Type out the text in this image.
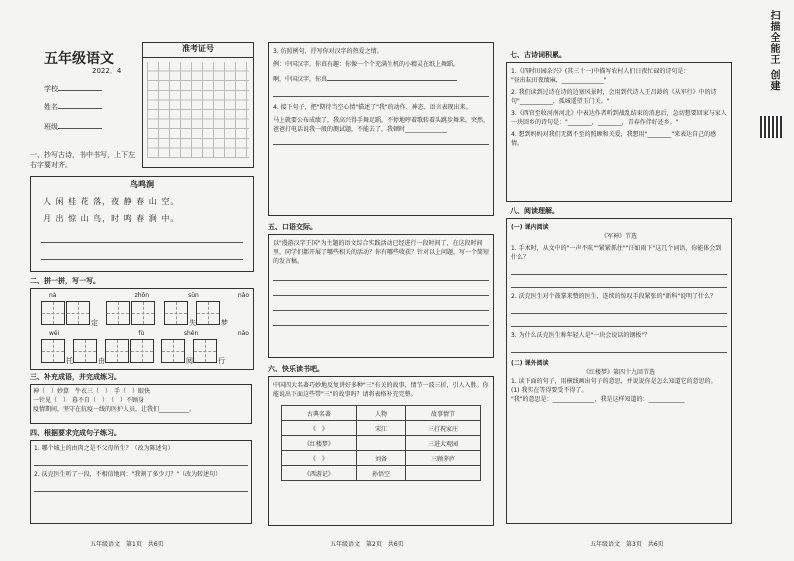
五年级语文
2022．4
学校
姓名
班级
准考证号
一、抄写古诗，书中书写，上下左右字要对齐。
鸟鸣涧
人 闲 桂 花 落，夜 静 春 山 空。
月 出 惊 山 鸟，时 鸣 春 涧 中。
二、拼一拼，写一写。
nà	zhōn	sǔn	nǎo
定	失	梦
wěi	fù	shěn	nǎo
托	由	阅	行
三、补充成语，并完成练习。
神（　）妙算　牛衣三（　）　手（　）眼快
一针见（　）　暮不自（　）　（　）不顾身
疫情期间，坚守在抗疫一线的医护人员，让我们__________。
四、根据要求完成句子练习。
1. 哪个城上的由肉之是不父母所生？（改为陈述句）
2. 沃克医生听了一段，不相信地问："我割了多少刀？"（改为转述句）
五年级语文　第1页　共6页
3. 仿照例句，抒写你对汉字的热爱之情。
例：中国汉字，你真有趣：你像一个个充满生机的小精灵在纸上舞蹈。
啊，中国汉字，你真
4. 接下句子，把"期待当空心情"描述了"我"的动作、神态、语言表现出来。
马上就要公布成绩了，我高兴得手舞足蹈，不停地哼着歌转着头跳步舞来，突然，爸爸打电话说我一般的测试题，不能去了，我顿时______________
五、口语交际。
以"漫游汉字王国"为主题的语文综合实践活动已经进行一段时间了，在这段时间里，同学们都开展了哪些相关的活动？你有哪些收获？针对以上问题，写一个简短的发言稿。
六、快乐读书吧。
中国四大名著巧妙地反复讲好多种"三"有关的故事，情节一波三折，引人入胜。你能说出下面这些带"三"的故事吗？请将表格补充完整。
古典名著	人物	故事情节
《　》	宋江	三打祝家庄
《红楼梦》		三进大观园
《　》	刘备	三顾茅庐
《西游记》	孙悟空	
五年级语文　第2页　共6页
七、古诗词积累。
1.《四时田园杂兴》(其三十一)中描写农村人们日夜忙碌的诗句是：
"昼出耘田夜绩麻，______________"
2. 我们读到过诗在诗的边塞风景时，会用到代诗人王昌龄的《从军行》中的诗句"___________，孤城遥望玉门关。"
3.《西官至收河南河北》中表达作者听到战乱结束的消息后，急切想要回家与家人一块回乡的诗句是："________，________，青春作伴好还乡。"
4. 想到妈妈对我们无微不至的照顾和关爱，我想用"________"来表达自己的感情。
八、阅读理解。
(一) 课内阅读
《军神》节选
1. 手术时，从文中的"一声不吭""紧紧抓住""汗如雨下"这几个词语，你能体会到什么？
2. 沃克医生对个鼓掌来赞的医生，连续的惊叹手段紧张的"新科"说明了什么？
3. 为什么沃克医生称年轻人是"一块会说话的钢板"？
(二) 课外阅读
《红楼梦》第四十九回节选
1. 读下面的句子，用横线画出句子的意思，并说说你是怎么知道它的意思的。
(1) 我实在等得要受不得了。
"我"的意思是：______________，我是这样知道的：____________
五年级语文　第3页　共6页
扫描全能王 创建
